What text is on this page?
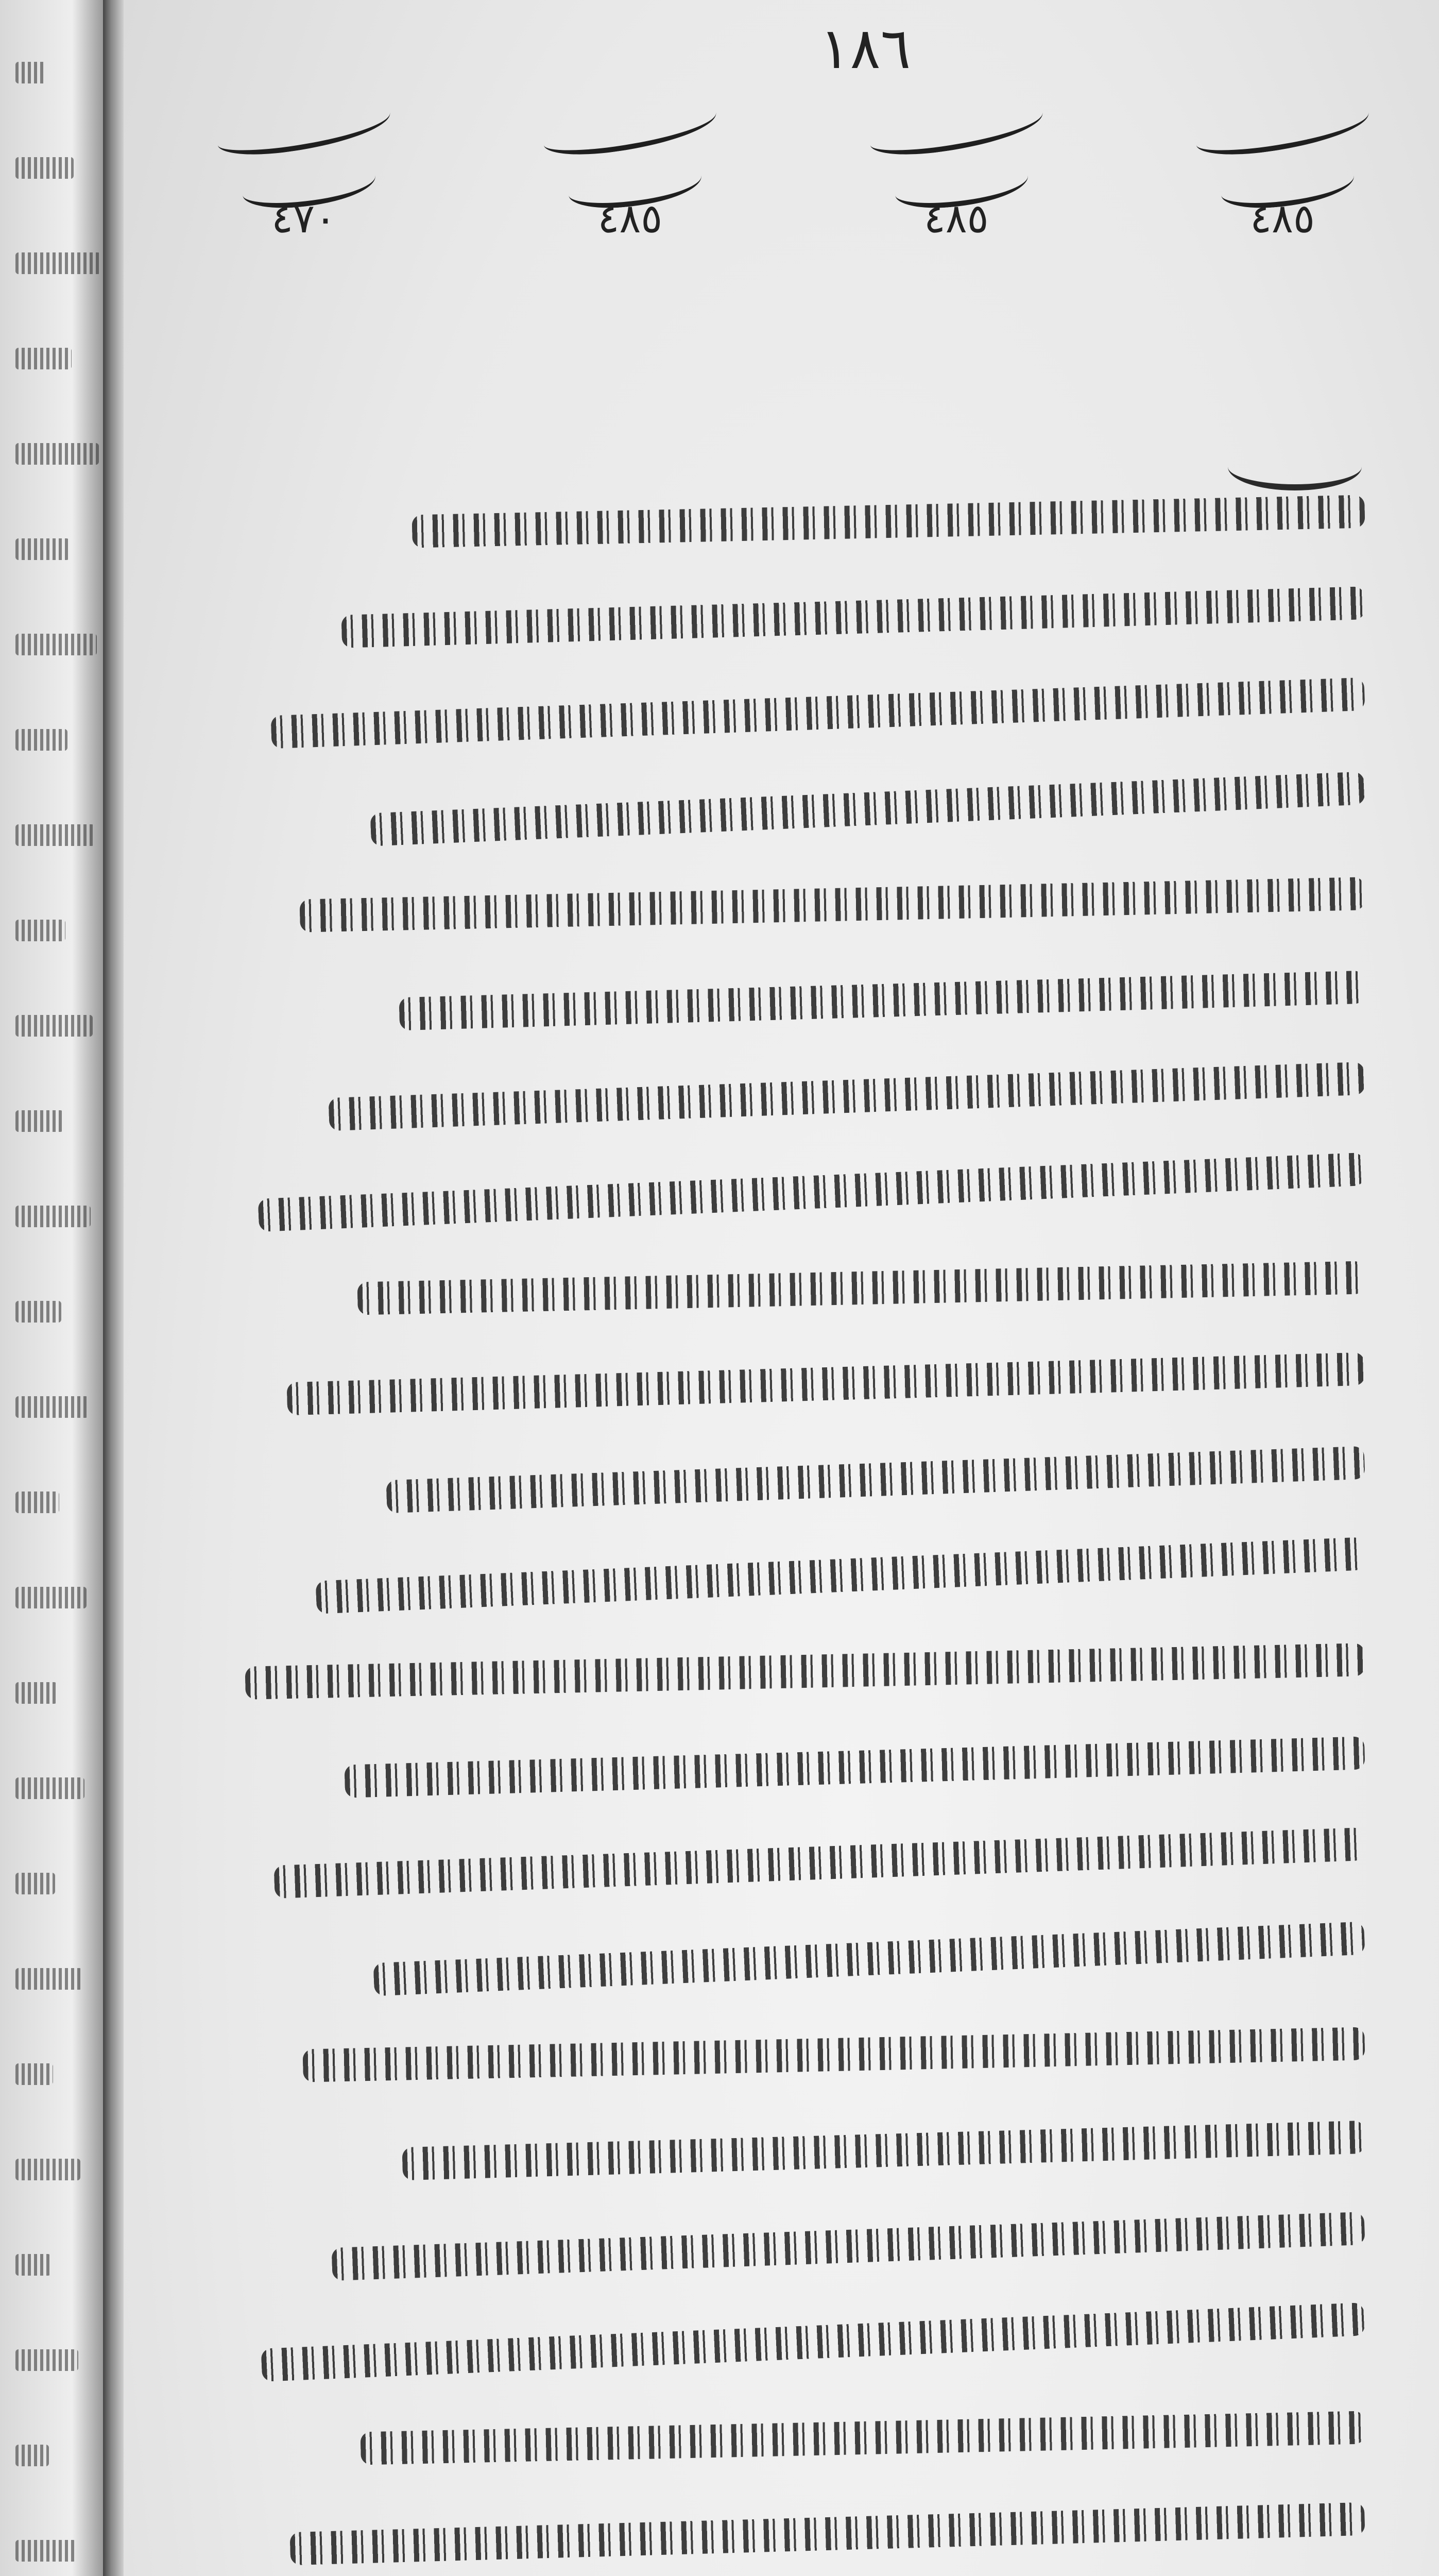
١٨٦
٤٨٥
٤٨٥
٤٨٥
٤٧٠
